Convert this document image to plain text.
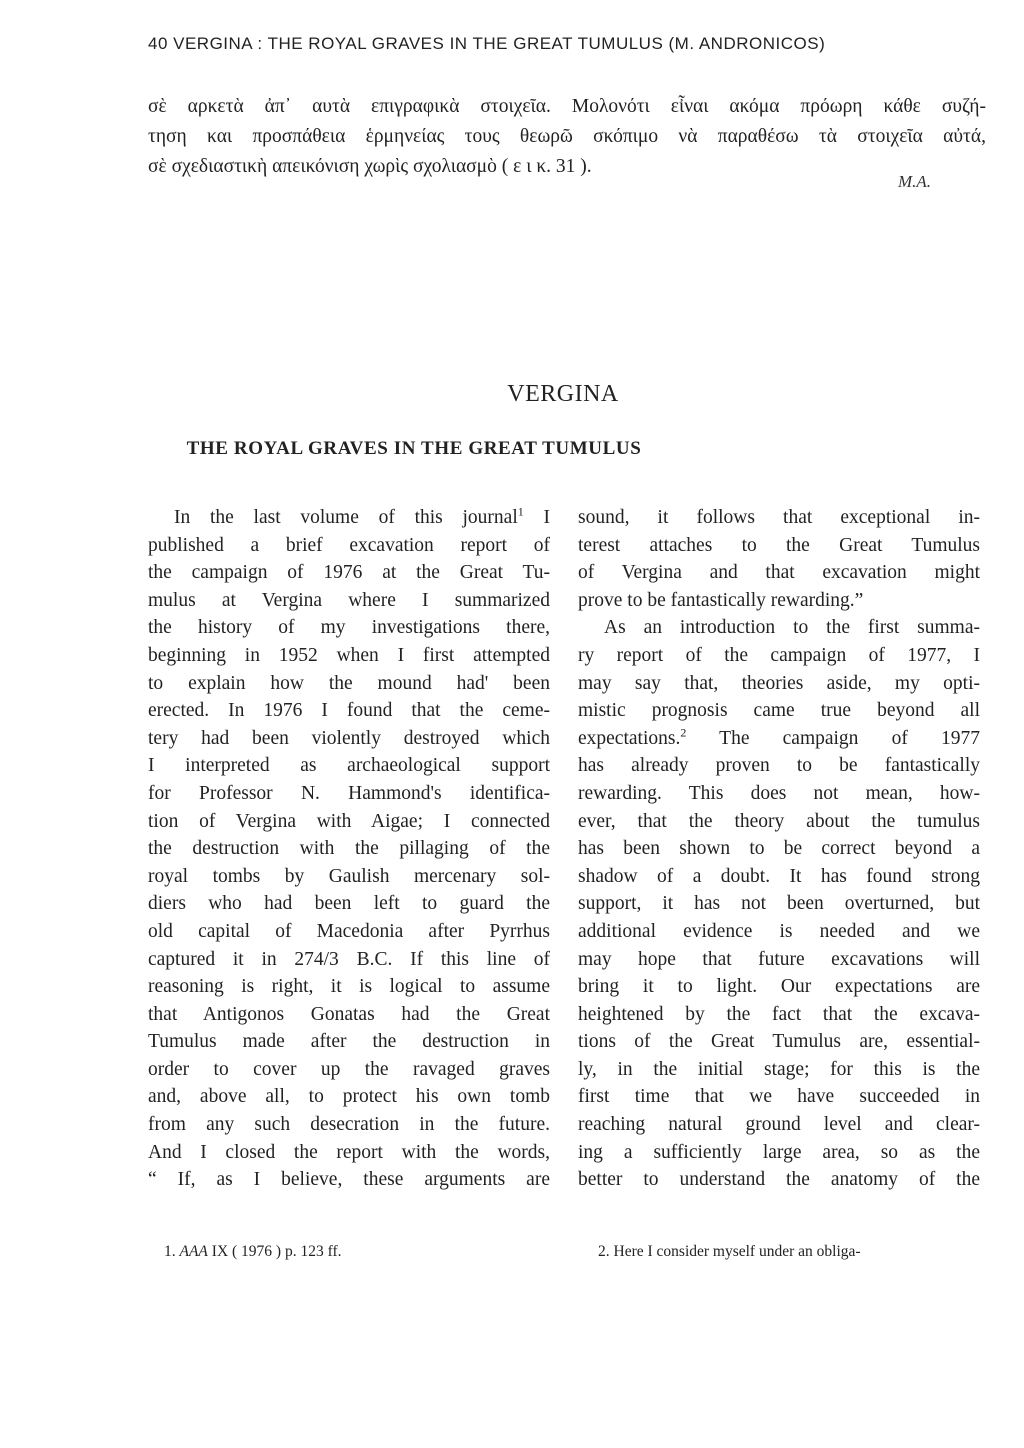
40 VERGINA : THE ROYAL GRAVES IN THE GREAT TUMULUS (M. ANDRONICOS)
σὲ αρκετὰ ἀπ᾽ αυτὰ επιγραφικὰ στοιχεῖα. Μολονότι εἶναι ακόμα πρόωρη κάθε συζή-
τηση και προσπάθεια ἑρμηνείας τους θεωρῶ σκόπιμο νὰ παραθέσω τὰ στοιχεῖα αὐτά,
σὲ σχεδιαστικὴ απεικόνιση χωρὶς σχολιασμὸ ( ε ι κ. 31 ).
Μ.Α.
VERGINA
THE ROYAL GRAVES IN THE GREAT TUMULUS
In the last volume of this journal$^1$ I
published a brief excavation report of
the campaign of 1976 at the Great Tu-
mulus at Vergina where I summarized
the history of my investigations there,
beginning in 1952 when I first attempted
to explain how the mound had' been
erected. In 1976 I found that the ceme-
tery had been violently destroyed which
I interpreted as archaeological support
for Professor N. Hammond's identifica-
tion of Vergina with Aigae; I connected
the destruction with the pillaging of the
royal tombs by Gaulish mercenary sol-
diers who had been left to guard the
old capital of Macedonia after Pyrrhus
captured it in 274/3 B.C. If this line of
reasoning is right, it is logical to assume
that Antigonos Gonatas had the Great
Tumulus made after the destruction in
order to cover up the ravaged graves
and, above all, to protect his own tomb
from any such desecration in the future.
And I closed the report with the words,
“ If, as I believe, these arguments are
sound, it follows that exceptional in-
terest attaches to the Great Tumulus
of Vergina and that excavation might
prove to be fantastically rewarding.”
As an introduction to the first summa-
ry report of the campaign of 1977, I
may say that, theories aside, my opti-
mistic prognosis came true beyond all
expectations.$^2$ The campaign of 1977
has already proven to be fantastically
rewarding. This does not mean, how-
ever, that the theory about the tumulus
has been shown to be correct beyond a
shadow of a doubt. It has found strong
support, it has not been overturned, but
additional evidence is needed and we
may hope that future excavations will
bring it to light. Our expectations are
heightened by the fact that the excava-
tions of the Great Tumulus are, essential-
ly, in the initial stage; for this is the
first time that we have succeeded in
reaching natural ground level and clear-
ing a sufficiently large area, so as the
better to understand the anatomy of the
1. AAA IX ( 1976 ) p. 123 ff.	2. Here I consider myself under an obliga-
